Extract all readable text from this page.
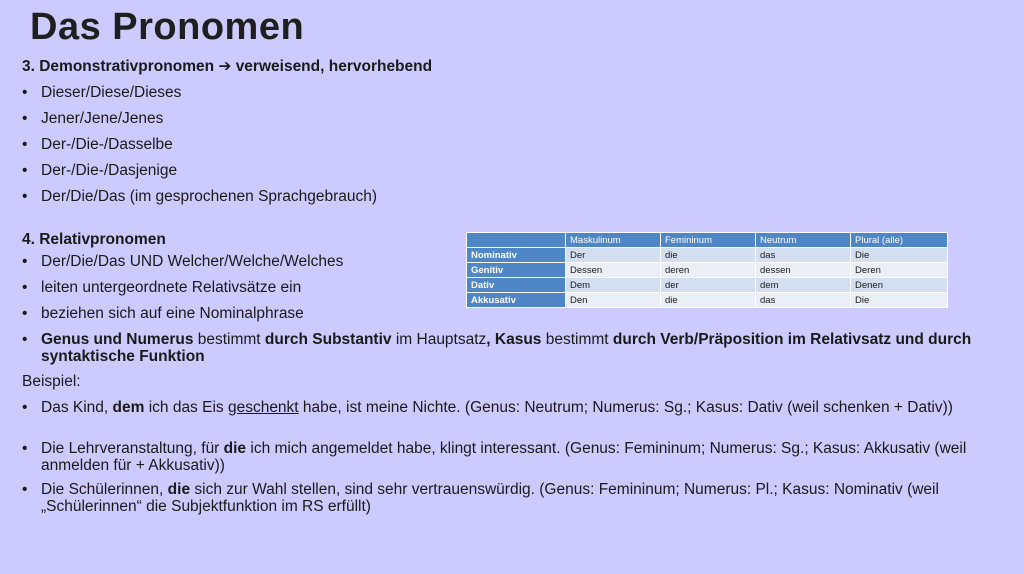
Das Pronomen
3. Demonstrativpronomen ➔ verweisend, hervorhebend
• Dieser/Diese/Dieses
• Jener/Jene/Jenes
• Der-/Die-/Dasselbe
• Der-/Die-/Dasjenige
• Der/Die/Das (im gesprochenen Sprachgebrauch)
4. Relativpronomen
• Der/Die/Das UND Welcher/Welche/Welches
• leiten untergeordnete Relativsätze ein
• beziehen sich auf eine Nominalphrase
• Genus und Numerus bestimmt durch Substantiv im Hauptsatz, Kasus bestimmt durch Verb/Präposition im Relativsatz und durch syntaktische Funktion
Beispiel:
• Das Kind, dem ich das Eis geschenkt habe, ist meine Nichte. (Genus: Neutrum; Numerus: Sg.; Kasus: Dativ (weil schenken + Dativ))
• Die Lehrveranstaltung, für die ich mich angemeldet habe, klingt interessant. (Genus: Femininum; Numerus: Sg.; Kasus: Akkusativ (weil anmelden für + Akkusativ))
• Die Schülerinnen, die sich zur Wahl stellen, sind sehr vertrauenswürdig. (Genus: Femininum; Numerus: Pl.; Kasus: Nominativ (weil „Schülerinnen“ die Subjektfunktion im RS erfüllt)
	Maskulinum	Femininum	Neutrum	Plural (alle)
Nominativ	Der	die	das	Die
Genitiv	Dessen	deren	dessen	Deren
Dativ	Dem	der	dem	Denen
Akkusativ	Den	die	das	Die
